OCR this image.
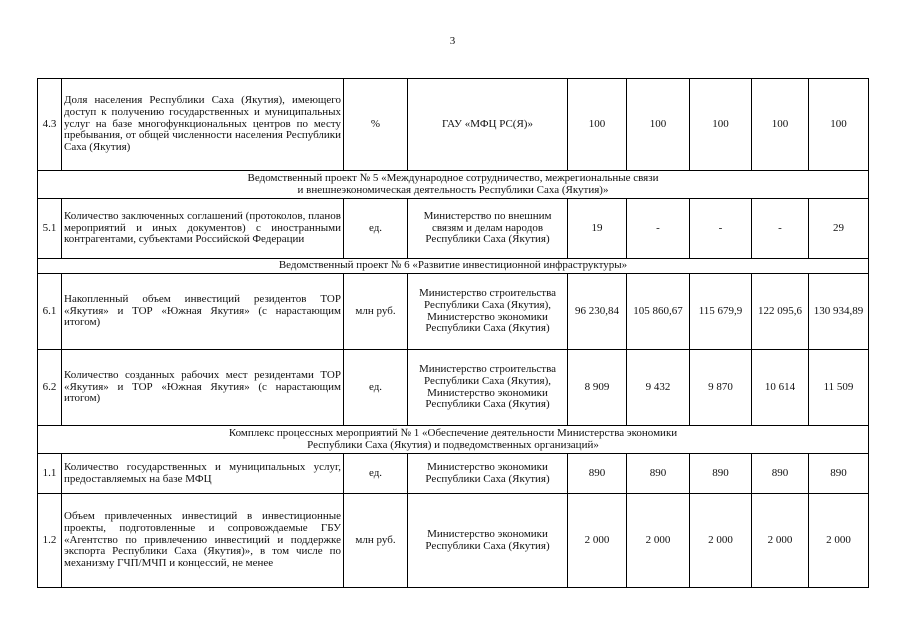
3
4.3	Доля населения Республики Саха (Якутия), имеющего доступ к получению государственных и муниципальных услуг на базе многофункциональных центров по месту пребывания, от общей численности населения Республики Саха (Якутия)	%	ГАУ «МФЦ РС(Я)»	100	100	100	100	100

Ведомственный проект № 5 «Международное сотрудничество, межрегиональные связи
и внешнеэкономическая деятельность Республики Саха (Якутия)»								

5.1	Количество заключенных соглашений (протоколов, планов мероприятий и иных документов) с иностранными контрагентами, субъектами Российской Федерации	ед.	Министерство по внешним связям и делам народов Республики Саха (Якутия)	19	-	-	-	29

Ведомственный проект № 6 «Развитие инвестиционной инфраструктуры»								

6.1	Накопленный объем инвестиций резидентов ТОР «Якутия» и ТОР «Южная Якутия» (с нарастающим итогом)	млн руб.	Министерство строительства Республики Саха (Якутия), Министерство экономики Республики Саха (Якутия)	96 230,84	105 860,67	115 679,9	122 095,6	130 934,89
6.2	Количество созданных рабочих мест резидентами ТОР «Якутия» и ТОР «Южная Якутия» (с нарастающим итогом)	ед.	Министерство строительства Республики Саха (Якутия), Министерство экономики Республики Саха (Якутия)	8 909	9 432	9 870	10 614	11 509

Комплекс процессных мероприятий № 1 «Обеспечение деятельности Министерства экономики
Республики Саха (Якутия) и подведомственных организаций»								

1.1	Количество государственных и муниципальных услуг, предоставляемых на базе МФЦ	ед.	Министерство экономики Республики Саха (Якутия)	890	890	890	890	890
1.2	Объем привлеченных инвестиций в инвестиционные проекты, подготовленные и сопровождаемые ГБУ «Агентство по привлечению инвестиций и поддержке экспорта Республики Саха (Якутия)», в том числе по механизму ГЧП/МЧП и концессий, не менее	млн руб.	Министерство экономики Республики Саха (Якутия)	2 000	2 000	2 000	2 000	2 000
